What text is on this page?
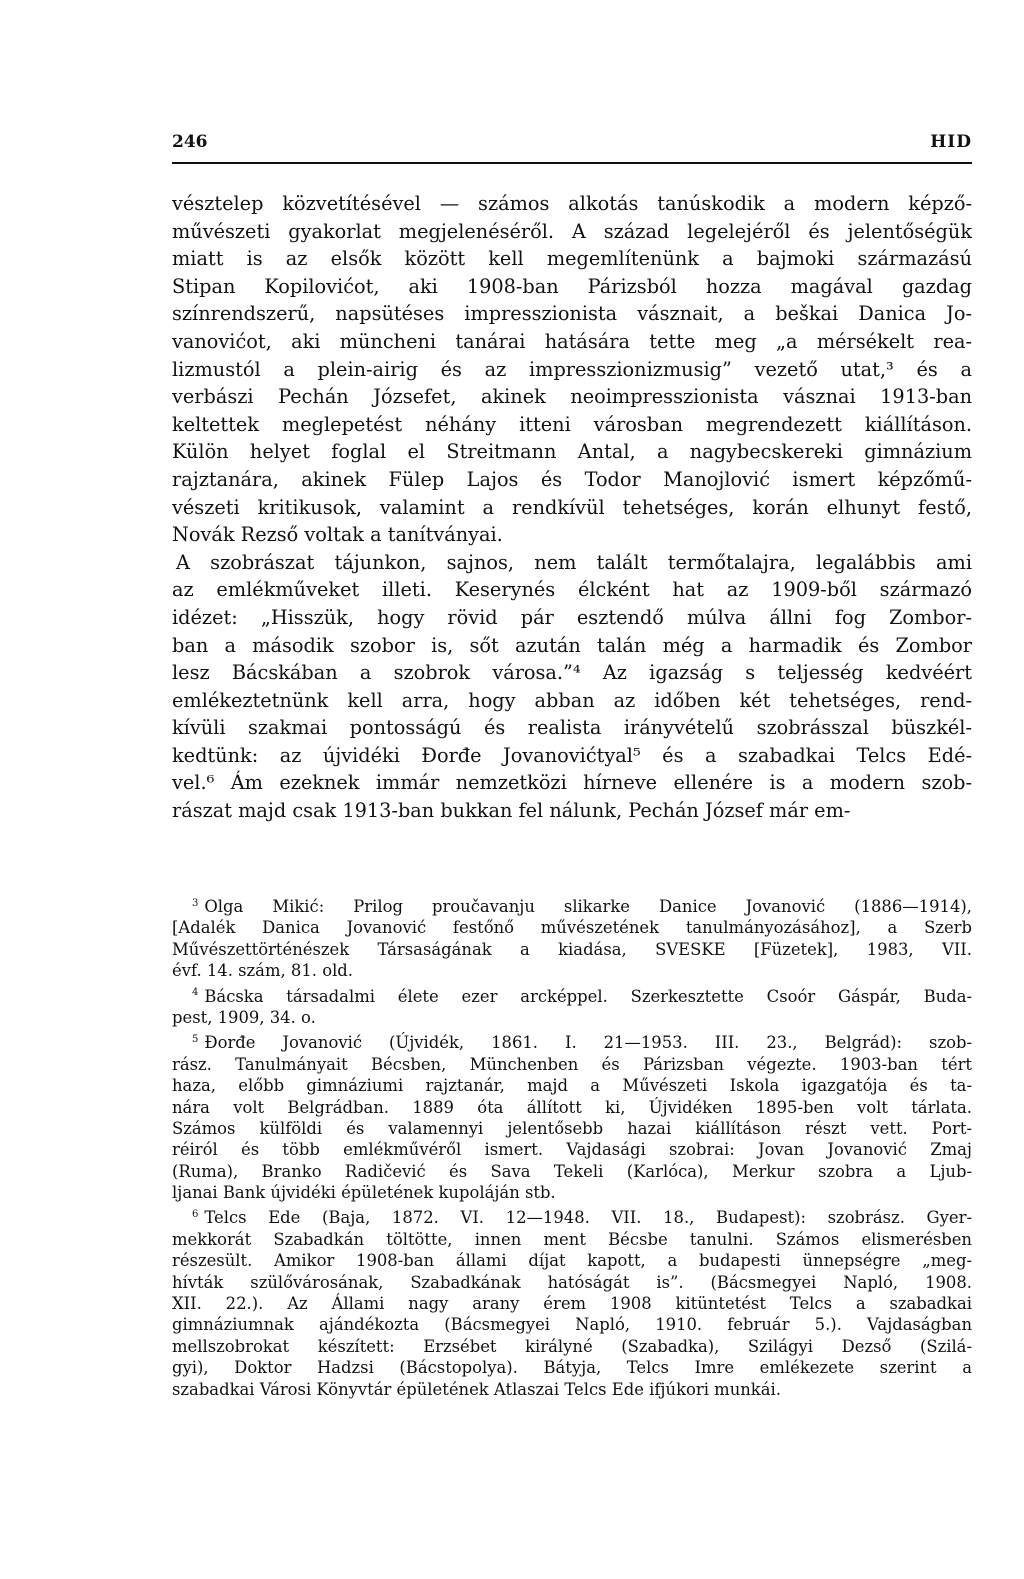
246	HID
vésztelep közvetítésével — számos alkotás tanúskodik a modern képző-
művészeti gyakorlat megjelenéséről. A század legelejéről és jelentőségük
miatt is az elsők között kell megemlítenünk a bajmoki származású
Stipan Kopilovićot, aki 1908-ban Párizsból hozza magával gazdag
színrendszerű, napsütéses impresszionista vásznait, a beškai Danica Jo-
vanovićot, aki müncheni tanárai hatására tette meg „a mérsékelt rea-
lizmustól a plein-airig és az impresszionizmusig” vezető utat,³ és a
verbászi Pechán Józsefet, akinek neoimpresszionista vásznai 1913-ban
keltettek meglepetést néhány itteni városban megrendezett kiállításon.
Külön helyet foglal el Streitmann Antal, a nagybecskereki gimnázium
rajztanára, akinek Fülep Lajos és Todor Manojlović ismert képzőmű-
vészeti kritikusok, valamint a rendkívül tehetséges, korán elhunyt festő,
Novák Rezső voltak a tanítványai.
A szobrászat tájunkon, sajnos, nem talált termőtalajra, legalábbis ami
az emlékműveket illeti. Keserynés élcként hat az 1909-ből származó
idézet: „Hisszük, hogy rövid pár esztendő múlva állni fog Zombor-
ban a második szobor is, sőt azután talán még a harmadik és Zombor
lesz Bácskában a szobrok városa.”⁴ Az igazság s teljesség kedvéért
emlékeztetnünk kell arra, hogy abban az időben két tehetséges, rend-
kívüli szakmai pontosságú és realista irányvételű szobrásszal büszkél-
kedtünk: az újvidéki Đorđe Jovanovićtyal⁵ és a szabadkai Telcs Edé-
vel.⁶ Ám ezeknek immár nemzetközi hírneve ellenére is a modern szob-
rászat majd csak 1913-ban bukkan fel nálunk, Pechán József már em-
$^3$ Olga Mikić: Prilog proučavanju slikarke Danice Jovanović (1886—1914),
[Adalék Danica Jovanović festőnő művészetének tanulmányozásához], a Szerb
Művészettörténészek Társaságának a kiadása, SVESKE [Füzetek], 1983, VII.
évf. 14. szám, 81. old.
$^4$ Bácska társadalmi élete ezer arcképpel. Szerkesztette Csoór Gáspár, Buda-
pest, 1909, 34. o.
$^5$ Đorđe Jovanović (Újvidék, 1861. I. 21—1953. III. 23., Belgrád): szob-
rász. Tanulmányait Bécsben, Münchenben és Párizsban végezte. 1903-ban tért
haza, előbb gimnáziumi rajztanár, majd a Művészeti Iskola igazgatója és ta-
nára volt Belgrádban. 1889 óta állított ki, Újvidéken 1895-ben volt tárlata.
Számos külföldi és valamennyi jelentősebb hazai kiállításon részt vett. Port-
réiról és több emlékművéről ismert. Vajdasági szobrai: Jovan Jovanović Zmaj
(Ruma), Branko Radičević és Sava Tekeli (Karlóca), Merkur szobra a Ljub-
ljanai Bank újvidéki épületének kupoláján stb.
$^6$ Telcs Ede (Baja, 1872. VI. 12—1948. VII. 18., Budapest): szobrász. Gyer-
mekkorát Szabadkán töltötte, innen ment Bécsbe tanulni. Számos elismerésben
részesült. Amikor 1908-ban állami díjat kapott, a budapesti ünnepségre „meg-
hívták szülővárosának, Szabadkának hatóságát is”. (Bácsmegyei Napló, 1908.
XII. 22.). Az Állami nagy arany érem 1908 kitüntetést Telcs a szabadkai
gimnáziumnak ajándékozta (Bácsmegyei Napló, 1910. február 5.). Vajdaságban
mellszobrokat készített: Erzsébet királyné (Szabadka), Szilágyi Dezső (Szilá-
gyi), Doktor Hadzsi (Bácstopolya). Bátyja, Telcs Imre emlékezete szerint a
szabadkai Városi Könyvtár épületének Atlaszai Telcs Ede ifjúkori munkái.
